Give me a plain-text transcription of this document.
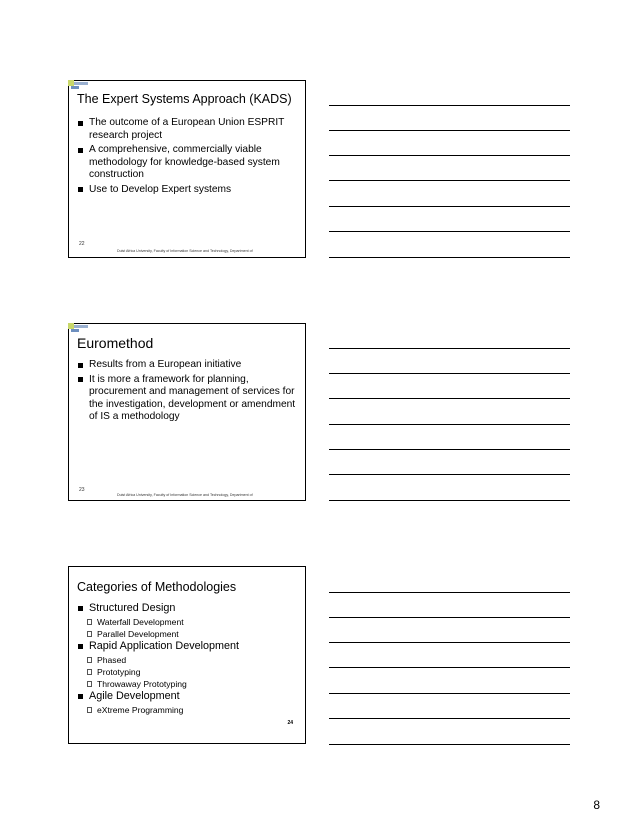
The Expert Systems Approach (KADS)
The outcome of a European Union ESPRIT research project
A comprehensive, commercially viable methodology for knowledge-based system construction
Use to Develop Expert systems
22
Duist Africa University, Faculty of Information Science and Technology, Department of
Euromethod
Results from a European initiative
It is more a framework for planning, procurement and management of services for the investigation, development or amendment of IS a methodology
23
Duist Africa University, Faculty of Information Science and Technology, Department of
Categories of Methodologies
Structured Design
Waterfall Development
Parallel Development
Rapid Application Development
Phased
Prototyping
Throwaway Prototyping
Agile Development
eXtreme Programming
24
8
